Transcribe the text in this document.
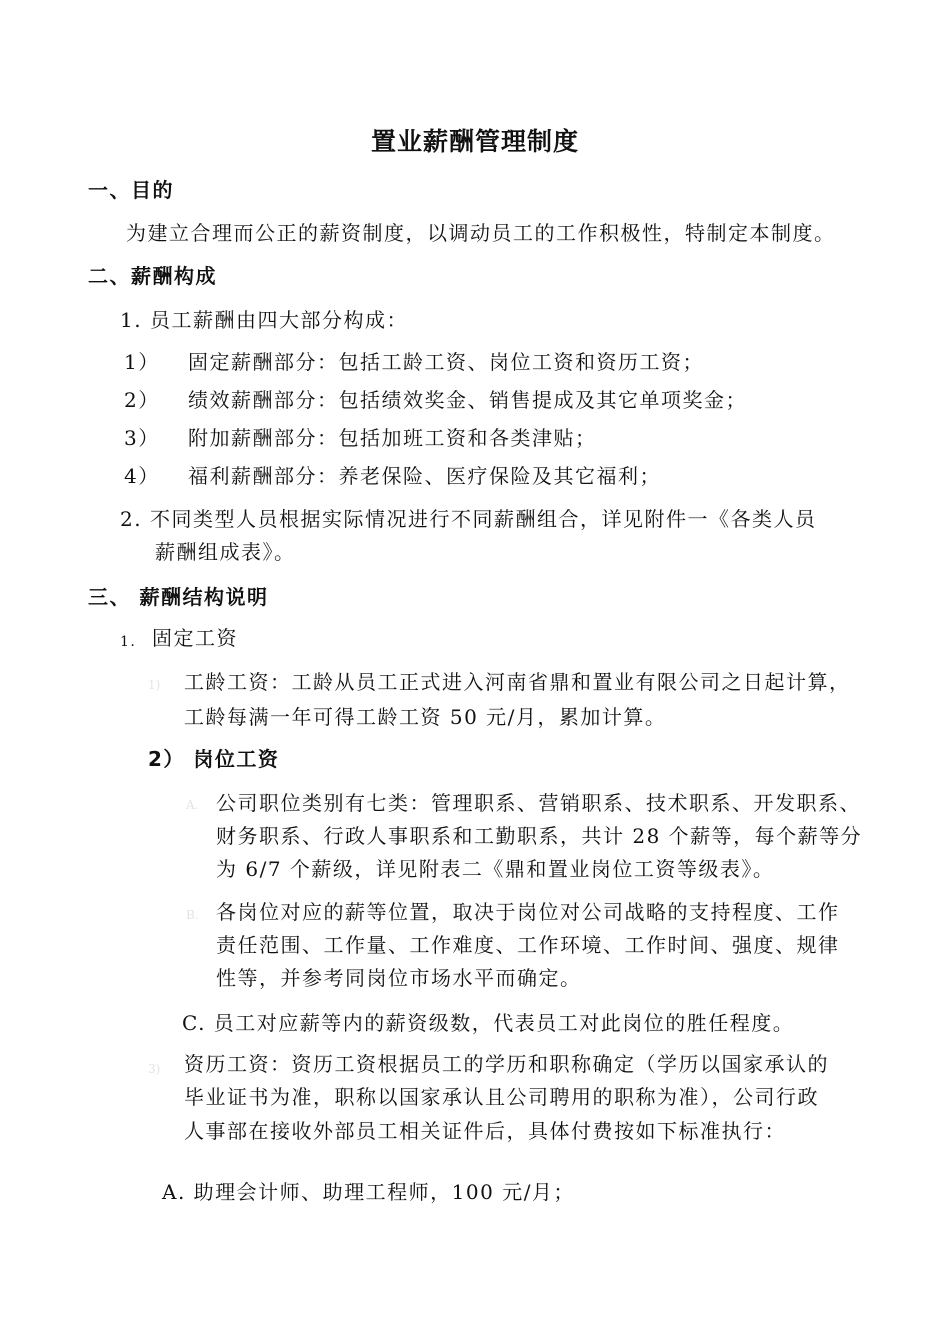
置业薪酬管理制度
一、目的
为建立合理而公正的薪资制度，以调动员工的工作积极性，特制定本制度。
二、薪酬构成
1. 员工薪酬由四大部分构成：
1） 固定薪酬部分：包括工龄工资、岗位工资和资历工资；
2） 绩效薪酬部分：包括绩效奖金、销售提成及其它单项奖金；
3） 附加薪酬部分：包括加班工资和各类津贴；
4） 福利薪酬部分：养老保险、医疗保险及其它福利；
2. 不同类型人员根据实际情况进行不同薪酬组合，详见附件一《各类人员
薪酬组成表》。
三、 薪酬结构说明
1. 固定工资
1) 工龄工资：工龄从员工正式进入河南省鼎和置业有限公司之日起计算，
工龄每满一年可得工龄工资 50 元/月，累加计算。
2） 岗位工资
A. 公司职位类别有七类：管理职系、营销职系、技术职系、开发职系、
财务职系、行政人事职系和工勤职系，共计 28 个薪等，每个薪等分
为 6/7 个薪级，详见附表二《鼎和置业岗位工资等级表》。
B. 各岗位对应的薪等位置，取决于岗位对公司战略的支持程度、工作
责任范围、工作量、工作难度、工作环境、工作时间、强度、规律
性等，并参考同岗位市场水平而确定。
C. 员工对应薪等内的薪资级数，代表员工对此岗位的胜任程度。
3) 资历工资：资历工资根据员工的学历和职称确定（学历以国家承认的
毕业证书为准，职称以国家承认且公司聘用的职称为准），公司行政
人事部在接收外部员工相关证件后，具体付费按如下标准执行：
A. 助理会计师、助理工程师，100 元/月；
